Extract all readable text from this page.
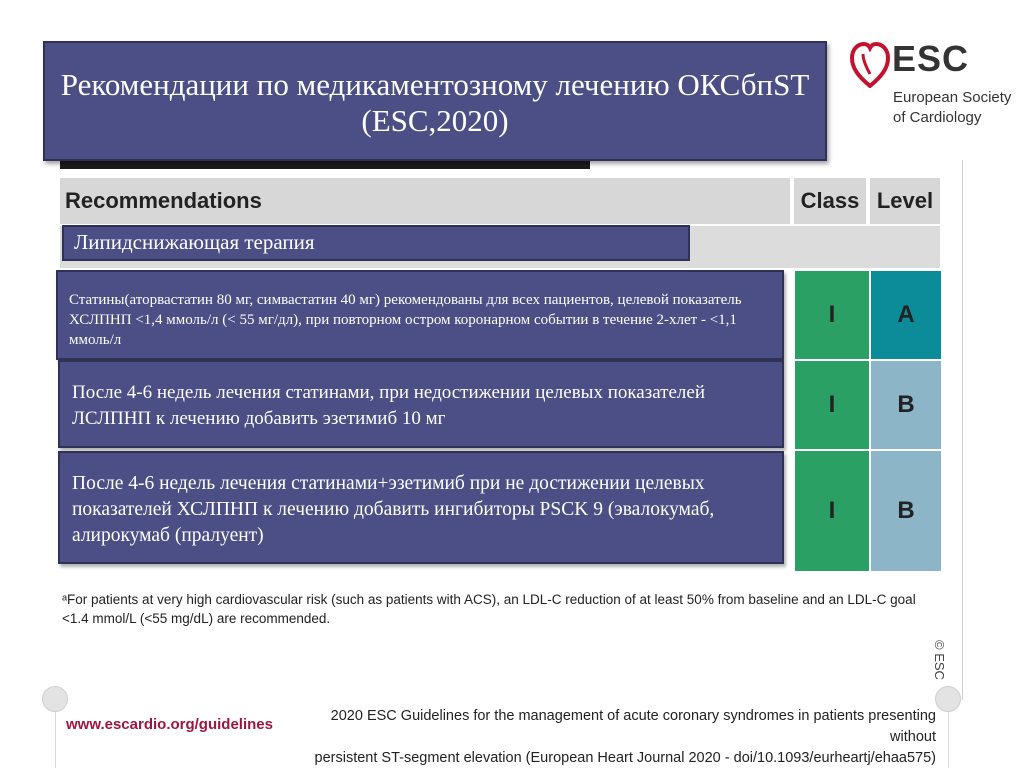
ESC
European Society
of Cardiology
Recommendations	Class Level
Липидснижающая терапия
Рекомендации по медикаментозному лечению ОКСбпST (ESC,2020)
Статины(аторвастатин 80 мг, симвастатин 40 мг) рекомендованы для всех пациентов, целевой показатель ХСЛПНП <1,4 ммоль/л (< 55 мг/дл), при повторном остром коронарном событии в течение 2-хлет - <1,1 ммоль/л
I	A
После 4-6 недель лечения статинами, при недостижении целевых показателей ЛСЛПНП к лечению добавить эзетимиб 10 мг
I	B
После 4-6 недель лечения статинами+эзетимиб при не достижении целевых показателей ХСЛПНП к лечению добавить ингибиторы PSCK 9 (эвалокумаб, алирокумаб (пралуент)
I	B
ᵃFor patients at very high cardiovascular risk (such as patients with ACS), an LDL-C reduction of at least 50% from baseline and an LDL-C goal <1.4 mmol/L (<55 mg/dL) are recommended.
© ESC
www.escardio.org/guidelines	2020 ESC Guidelines for the management of acute coronary syndromes in patients presenting without
persistent ST-segment elevation (European Heart Journal 2020 - doi/10.1093/eurheartj/ehaa575)
